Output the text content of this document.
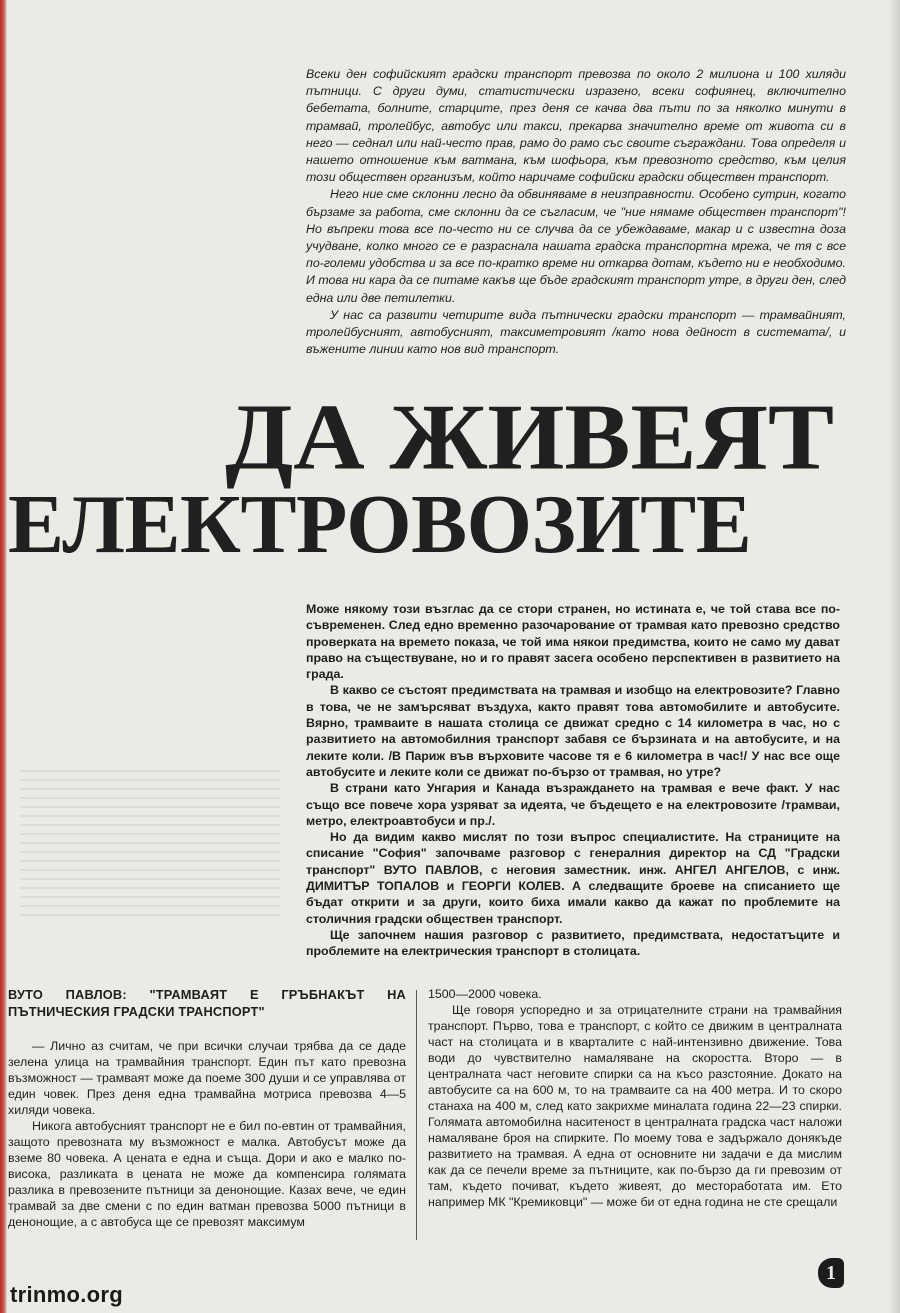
Всеки ден софийският градски транспорт превозва по около 2 милиона и 100 хиляди пътници. С други думи, статистически изразено, всеки софиянец, включително бебетата, болните, старците, през деня се качва два пъти по за няколко минути в трамвай, тролейбус, автобус или такси, прекарва значително време от живота си в него — седнал или най-често прав, рамо до рамо със своите съграждани. Това определя и нашето отношение към ватмана, към шофьора, към превозното средство, към целия този обществен организъм, който наричаме софийски градски обществен транспорт.

Него ние сме склонни лесно да обвиняваме в неизправности. Особено сутрин, когато бързаме за работа, сме склонни да се съгласим, че "ние нямаме обществен транспорт"! Но въпреки това все по-често ни се случва да се убеждаваме, макар и с известна доза учудване, колко много се е разраснала нашата градска транспортна мрежа, че тя с все по-големи удобства и за все по-кратко време ни откарва дотам, където ни е необходимо. И това ни кара да се питаме какъв ще бъде градският транспорт утре, в други ден, след една или две петилетки.

У нас са развити четирите вида пътнически градски транспорт — трамвайният, тролейбусният, автобусният, таксиметровият /като нова дейност в системата/, и въжените линии като нов вид транспорт.

ДА ЖИВЕЯТ
ЕЛЕКТРОВОЗИТЕ

Може някому този възглас да се стори странен, но истината е, че той става все по-съвременен. След едно временно разочарование от трамвая като превозно средство проверката на времето показа, че той има някои предимства, които не само му дават право на съществуване, но и го правят засега особено перспективен в развитието на града.

В какво се състоят предимствата на трамвая и изобщо на електровозите? Главно в това, че не замърсяват въздуха, както правят това автомобилите и автобусите. Вярно, трамваите в нашата столица се движат средно с 14 километра в час, но с развитието на автомобилния транспорт забавя се бързината и на автобусите, и на леките коли. /В Париж във върховите часове тя е 6 километра в час!/ У нас все още автобусите и леките коли се движат по-бързо от трамвая, но утре?

В страни като Унгария и Канада възраждането на трамвая е вече факт. У нас също все повече хора узряват за идеята, че бъдещето е на електровозите /трамваи, метро, електроавтобуси и пр./.

Но да видим какво мислят по този въпрос специалистите. На страниците на списание "София" започваме разговор с генералния директор на СД "Градски транспорт" ВУТО ПАВЛОВ, с неговия заместник. инж. АНГЕЛ АНГЕЛОВ, с инж. ДИМИТЪР ТОПАЛОВ и ГЕОРГИ КОЛЕВ. А следващите броеве на списанието ще бъдат открити и за други, които биха имали какво да кажат по проблемите на столичния градски обществен транспорт.

Ще започнем нашия разговор с развитието, предимствата, недостатъците и проблемите на електрическия транспорт в столицата.

ВУТО ПАВЛОВ: "ТРАМВАЯТ Е ГРЪБНАКЪТ НА ПЪТНИЧЕСКИЯ ГРАДСКИ ТРАНСПОРТ"

— Лично аз считам, че при всички случаи трябва да се даде зелена улица на трамвайния транспорт. Един път като превозна възможност — трамваят може да поеме 300 души и се управлява от един човек. През деня една трамвайна мотриса превозва 4—5 хиляди човека.

Никога автобусният транспорт не е бил по-евтин от трамвайния, защото превозната му възможност е малка. Автобусът може да вземе 80 човека. А цената е една и съща. Дори и ако е малко по-висока, разликата в цената не може да компенсира голямата разлика в превозените пътници за денонощие. Казах вече, че един трамвай за две смени с по един ватман превозва 5000 пътници в денонощие, а с автобуса ще се превозят максимум

1500—2000 човека.

Ще говоря успоредно и за отрицателните страни на трамвайния транспорт. Първо, това е транспорт, с който се движим в централната част на столицата и в кварталите с най-интензивно движение. Това води до чувствително намаляване на скоростта. Второ — в централната част неговите спирки са на късо разстояние. Докато на автобусите са на 600 м, то на трамваите са на 400 метра. И то скоро станаха на 400 м, след като закрихме миналата година 22—23 спирки. Голямата автомобилна наситеност в централната градска част наложи намаляване броя на спирките. По моему това е задържало донякъде развитието на трамвая. А една от основните ни задачи е да мислим как да се печели време за пътниците, как по-бързо да ги превозим от там, където почиват, където живеят, до месторaботата им. Ето например МК "Кремиковци" — може би от една година не сте срещали

1
trinmo.org
